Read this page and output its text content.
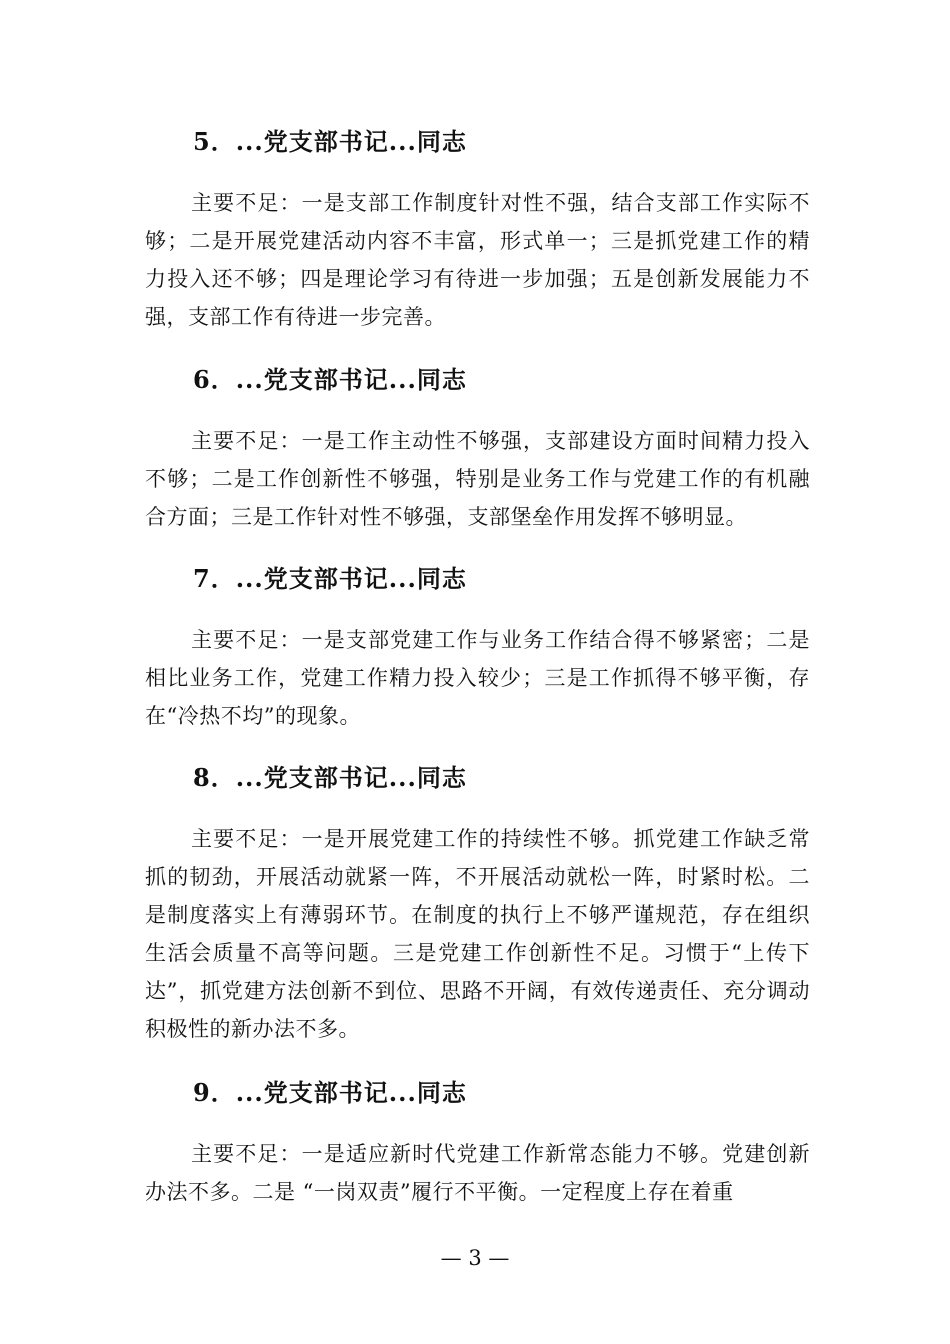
5．...党支部书记...同志
主要不足：一是支部工作制度针对性不强，结合支部工作实际不够；二是开展党建活动内容不丰富，形式单一；三是抓党建工作的精力投入还不够；四是理论学习有待进一步加强；五是创新发展能力不强，支部工作有待进一步完善。
6．...党支部书记...同志
主要不足：一是工作主动性不够强，支部建设方面时间精力投入不够；二是工作创新性不够强，特别是业务工作与党建工作的有机融合方面；三是工作针对性不够强，支部堡垒作用发挥不够明显。
7．...党支部书记...同志
主要不足：一是支部党建工作与业务工作结合得不够紧密；二是相比业务工作，党建工作精力投入较少；三是工作抓得不够平衡，存在“冷热不均”的现象。
8．...党支部书记...同志
主要不足：一是开展党建工作的持续性不够。抓党建工作缺乏常抓的韧劲，开展活动就紧一阵，不开展活动就松一阵，时紧时松。二是制度落实上有薄弱环节。在制度的执行上不够严谨规范，存在组织生活会质量不高等问题。三是党建工作创新性不足。习惯于“上传下达”，抓党建方法创新不到位、思路不开阔，有效传递责任、充分调动积极性的新办法不多。
9．...党支部书记...同志
主要不足：一是适应新时代党建工作新常态能力不够。党建创新办法不多。二是 “一岗双责”履行不平衡。一定程度上存在着重
— 3 —
